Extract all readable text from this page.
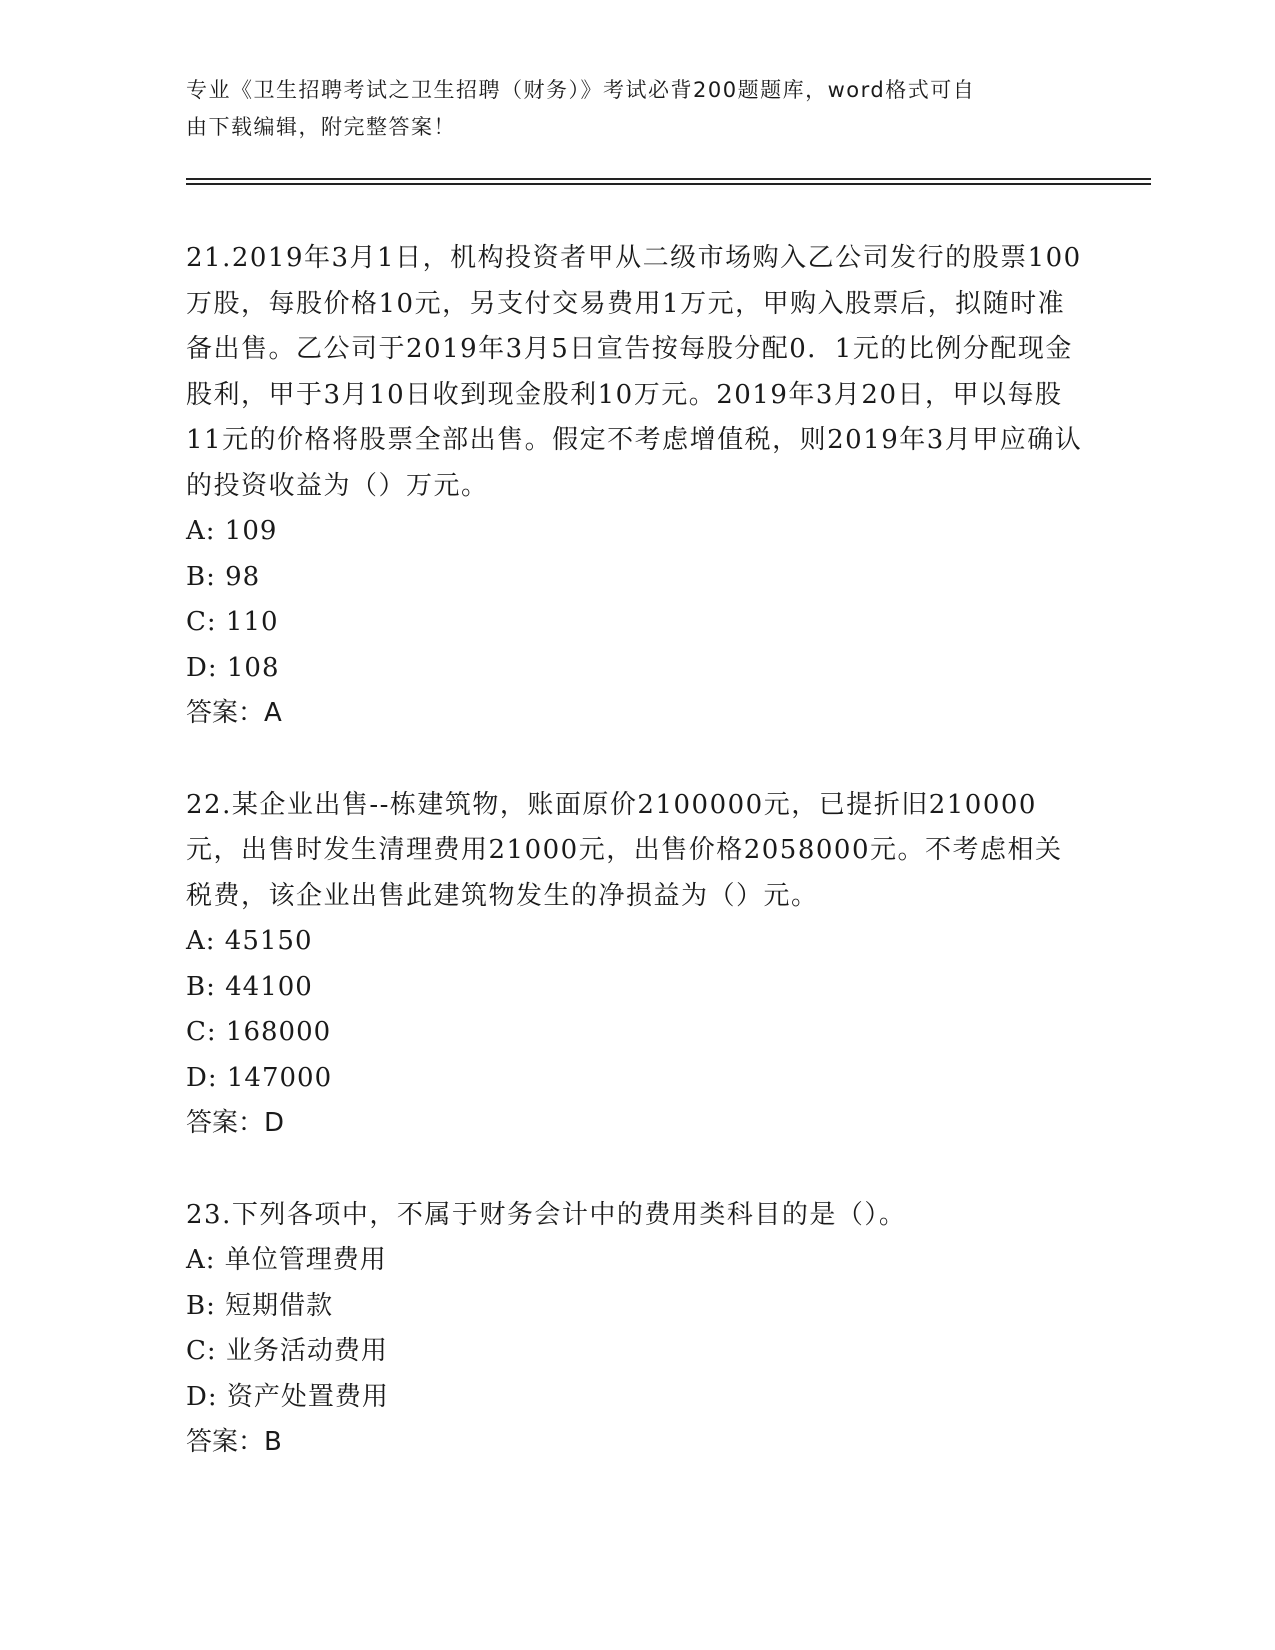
专业《卫生招聘考试之卫生招聘（财务）》考试必背200题题库，word格式可自
由下载编辑，附完整答案！

21.2019年3月1日，机构投资者甲从二级市场购入乙公司发行的股票100万股，每股价格10元，另支付交易费用1万元，甲购入股票后，拟随时准备出售。乙公司于2019年3月5日宣告按每股分配0．1元的比例分配现金股利，甲于3月10日收到现金股利10万元。2019年3月20日，甲以每股11元的价格将股票全部出售。假定不考虑增值税，则2019年3月甲应确认的投资收益为（）万元。

A: 109

B: 98

C: 110

D: 108

答案：A

22.某企业出售--栋建筑物，账面原价2100000元，已提折旧210000元，出售时发生清理费用21000元，出售价格2058000元。不考虑相关税费，该企业出售此建筑物发生的净损益为（）元。

A: 45150

B: 44100

C: 168000

D: 147000

答案：D

23.下列各项中，不属于财务会计中的费用类科目的是（）。

A: 单位管理费用

B: 短期借款

C: 业务活动费用

D: 资产处置费用

答案：B
